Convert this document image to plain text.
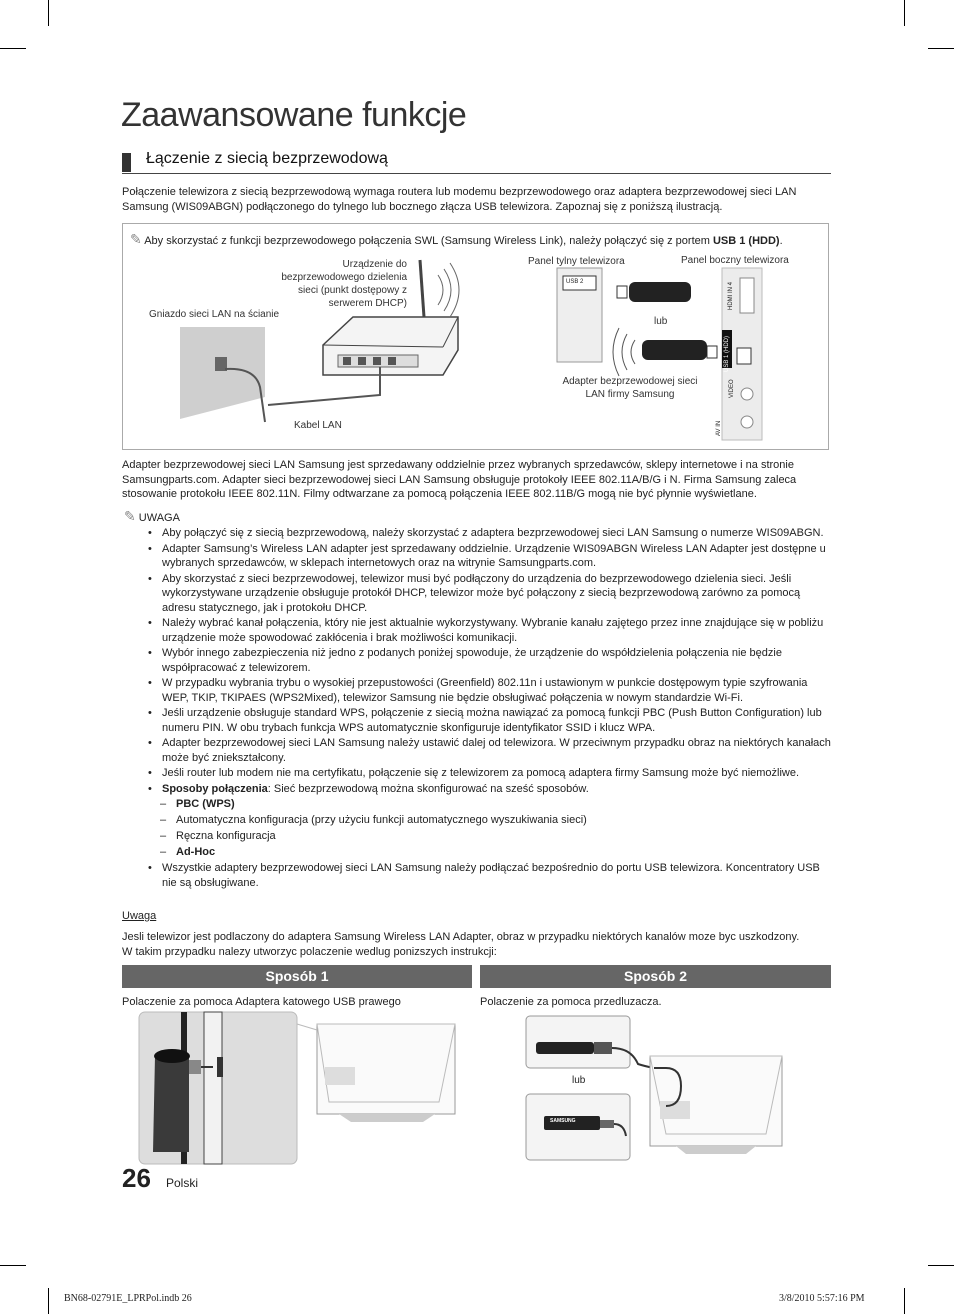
Zaawansowane funkcje
Łączenie z siecią bezprzewodową
Połączenie telewizora z siecią bezprzewodową wymaga routera lub modemu bezprzewodowego oraz adaptera bezprzewodowej sieci LAN Samsung (WIS09ABGN) podłączonego do tylnego lub bocznego złącza USB telewizora. Zapoznaj się z poniższą ilustracją.
✎ Aby skorzystać z funkcji bezprzewodowego połączenia SWL (Samsung Wireless Link), należy połączyć się z portem USB 1 (HDD).
Gniazdo sieci LAN na ścianie
Urządzenie do
bezprzewodowego dzielenia
sieci (punkt dostępowy z
serwerem DHCP)
Kabel LAN
Panel tylny telewizora	Panel boczny telewizora
USB 2	HDMI IN 4
USB 1 (HDD)
VIDEO
AV IN
lub
Adapter bezprzewodowej sieci
LAN firmy Samsung
Adapter bezprzewodowej sieci LAN Samsung jest sprzedawany oddzielnie przez wybranych sprzedawców, sklepy internetowe i na stronie Samsungparts.com. Adapter sieci bezprzewodowej sieci LAN Samsung obsługuje protokoły IEEE 802.11A/B/G i N. Firma Samsung zaleca stosowanie protokołu IEEE 802.11N. Filmy odtwarzane za pomocą połączenia IEEE 802.11B/G mogą nie być płynnie wyświetlane.
✎ UWAGA
• Aby połączyć się z siecią bezprzewodową, należy skorzystać z adaptera bezprzewodowej sieci LAN Samsung o numerze WIS09ABGN.
• Adapter Samsung’s Wireless LAN adapter jest sprzedawany oddzielnie. Urządzenie WIS09ABGN Wireless LAN Adapter jest dostępne u wybranych sprzedawców, w sklepach internetowych oraz na witrynie Samsungparts.com.
• Aby skorzystać z sieci bezprzewodowej, telewizor musi być podłączony do urządzenia do bezprzewodowego dzielenia sieci. Jeśli wykorzystywane urządzenie obsługuje protokół DHCP, telewizor może być połączony z siecią bezprzewodową zarówno za pomocą adresu statycznego, jak i protokołu DHCP.
• Należy wybrać kanał połączenia, który nie jest aktualnie wykorzystywany. Wybranie kanału zajętego przez inne znajdujące się w pobliżu urządzenie może spowodować zakłócenia i brak możliwości komunikacji.
• Wybór innego zabezpieczenia niż jedno z podanych poniżej spowoduje, że urządzenie do współdzielenia połączenia nie będzie współpracować z telewizorem.
• W przypadku wybrania trybu o wysokiej przepustowości (Greenfield) 802.11n i ustawionym w punkcie dostępowym typie szyfrowania WEP, TKIP, TKIPAES (WPS2Mixed), telewizor Samsung nie będzie obsługiwać połączenia w nowym standardzie Wi-Fi.
• Jeśli urządzenie obsługuje standard WPS, połączenie z siecią można nawiązać za pomocą funkcji PBC (Push Button Configuration) lub numeru PIN. W obu trybach funkcja WPS automatycznie skonfiguruje identyfikator SSID i klucz WPA.
• Adapter bezprzewodowej sieci LAN Samsung należy ustawić dalej od telewizora. W przeciwnym przypadku obraz na niektórych kanałach może być zniekształcony.
• Jeśli router lub modem nie ma certyfikatu, połączenie się z telewizorem za pomocą adaptera firmy Samsung może być niemożliwe.
• Sposoby połączenia: Sieć bezprzewodową można skonfigurować na sześć sposobów.
– PBC (WPS)
– Automatyczna konfiguracja (przy użyciu funkcji automatycznego wyszukiwania sieci)
– Ręczna konfiguracja
– Ad-Hoc
• Wszystkie adaptery bezprzewodowej sieci LAN Samsung należy podłączać bezpośrednio do portu USB telewizora. Koncentratory USB nie są obsługiwane.
Uwaga
Jesli telewizor jest podlaczony do adaptera Samsung Wireless LAN Adapter, obraz w przypadku niektórych kanalów moze byc uszkodzony.
W takim przypadku nalezy utworzyc polaczenie wedlug ponizszych instrukcji:
Sposób 1	Sposób 2
Polaczenie za pomoca Adaptera katowego USB prawego	Polaczenie za pomoca przedluzacza.
lub
SAMSUNG
26 Polski
BN68-02791E_LPRPol.indb 26	3/8/2010 5:57:16 PM
